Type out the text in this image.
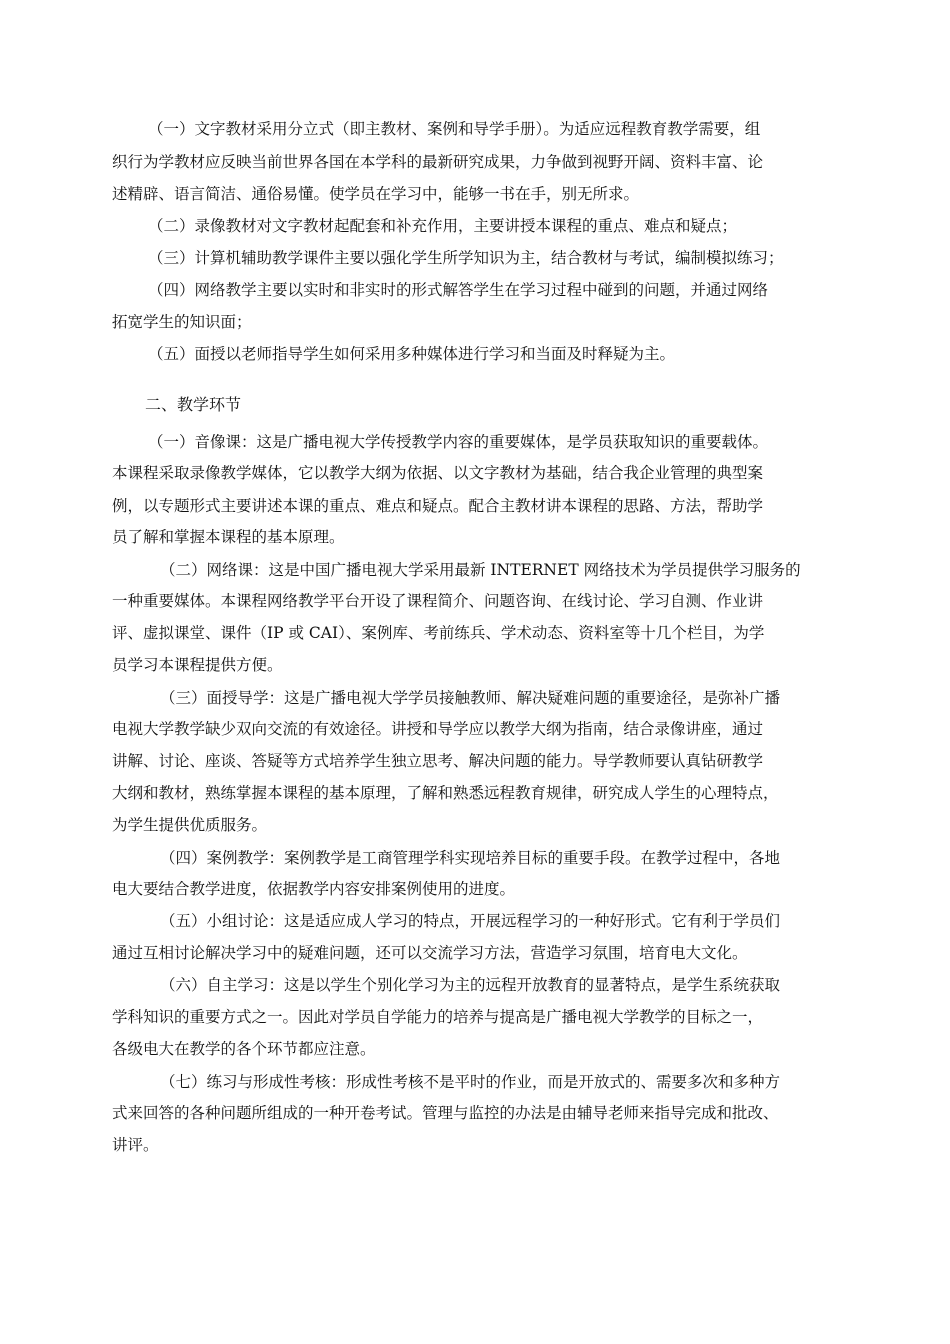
（一）文字教材采用分立式（即主教材、案例和导学手册）。为适应远程教育教学需要，组
织行为学教材应反映当前世界各国在本学科的最新研究成果，力争做到视野开阔、资料丰富、论
述精辟、语言简洁、通俗易懂。使学员在学习中，能够一书在手，别无所求。
（二）录像教材对文字教材起配套和补充作用，主要讲授本课程的重点、难点和疑点；
（三）计算机辅助教学课件主要以强化学生所学知识为主，结合教材与考试，编制模拟练习；
（四）网络教学主要以实时和非实时的形式解答学生在学习过程中碰到的问题，并通过网络
拓宽学生的知识面；
（五）面授以老师指导学生如何采用多种媒体进行学习和当面及时释疑为主。
二、教学环节
（一）音像课：这是广播电视大学传授教学内容的重要媒体，是学员获取知识的重要载体。
本课程采取录像教学媒体，它以教学大纲为依据、以文字教材为基础，结合我企业管理的典型案
例，以专题形式主要讲述本课的重点、难点和疑点。配合主教材讲本课程的思路、方法，帮助学
员了解和掌握本课程的基本原理。
（二）网络课：这是中国广播电视大学采用最新 INTERNET 网络技术为学员提供学习服务的
一种重要媒体。本课程网络教学平台开设了课程简介、问题咨询、在线讨论、学习自测、作业讲
评、虚拟课堂、课件（IP 或 CAI）、案例库、考前练兵、学术动态、资料室等十几个栏目，为学
员学习本课程提供方便。
（三）面授导学：这是广播电视大学学员接触教师、解决疑难问题的重要途径，是弥补广播
电视大学教学缺少双向交流的有效途径。讲授和导学应以教学大纲为指南，结合录像讲座，通过
讲解、讨论、座谈、答疑等方式培养学生独立思考、解决问题的能力。导学教师要认真钻研教学
大纲和教材，熟练掌握本课程的基本原理，了解和熟悉远程教育规律，研究成人学生的心理特点，
为学生提供优质服务。
（四）案例教学：案例教学是工商管理学科实现培养目标的重要手段。在教学过程中，各地
电大要结合教学进度，依据教学内容安排案例使用的进度。
（五）小组讨论：这是适应成人学习的特点，开展远程学习的一种好形式。它有利于学员们
通过互相讨论解决学习中的疑难问题，还可以交流学习方法，营造学习氛围，培育电大文化。
（六）自主学习：这是以学生个别化学习为主的远程开放教育的显著特点，是学生系统获取
学科知识的重要方式之一。因此对学员自学能力的培养与提高是广播电视大学教学的目标之一，
各级电大在教学的各个环节都应注意。
（七）练习与形成性考核：形成性考核不是平时的作业，而是开放式的、需要多次和多种方
式来回答的各种问题所组成的一种开卷考试。管理与监控的办法是由辅导老师来指导完成和批改、
讲评。
